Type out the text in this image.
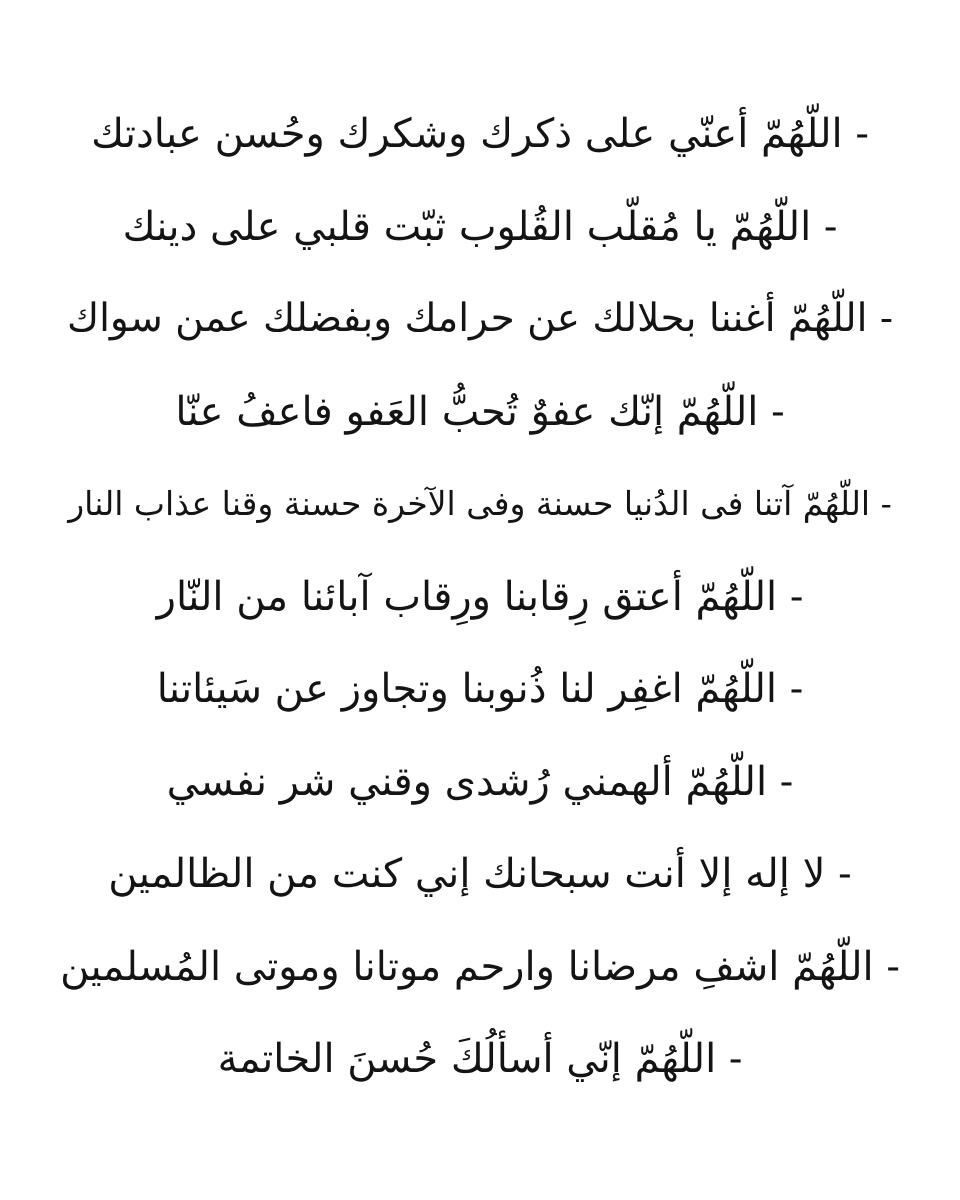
- اللّهُمّ أعنّي على ذكرك وشكرك وحُسن عبادتك
- اللّهُمّ يا مُقلّب القُلوب ثبّت قلبي على دينك
- اللّهُمّ أغننا بحلالك عن حرامك وبفضلك عمن سواك
- اللّهُمّ إنّك عفوٌ تُحبُّ العَفو فاعفُ عنّا
- اللّهُمّ آتنا فى الدُنيا حسنة وفى الآخرة حسنة وقنا عذاب النار
- اللّهُمّ أعتق رِقابنا ورِقاب آبائنا من النّار
- اللّهُمّ اغفِر لنا ذُنوبنا وتجاوز عن سَيئاتنا
- اللّهُمّ ألهمني رُشدى وقني شر نفسي
- لا إله إلا أنت سبحانك إني كنت من الظالمين
- اللّهُمّ اشفِ مرضانا وارحم موتانا وموتى المُسلمين
- اللّهُمّ إنّي أسألُكَ حُسنَ الخاتمة
